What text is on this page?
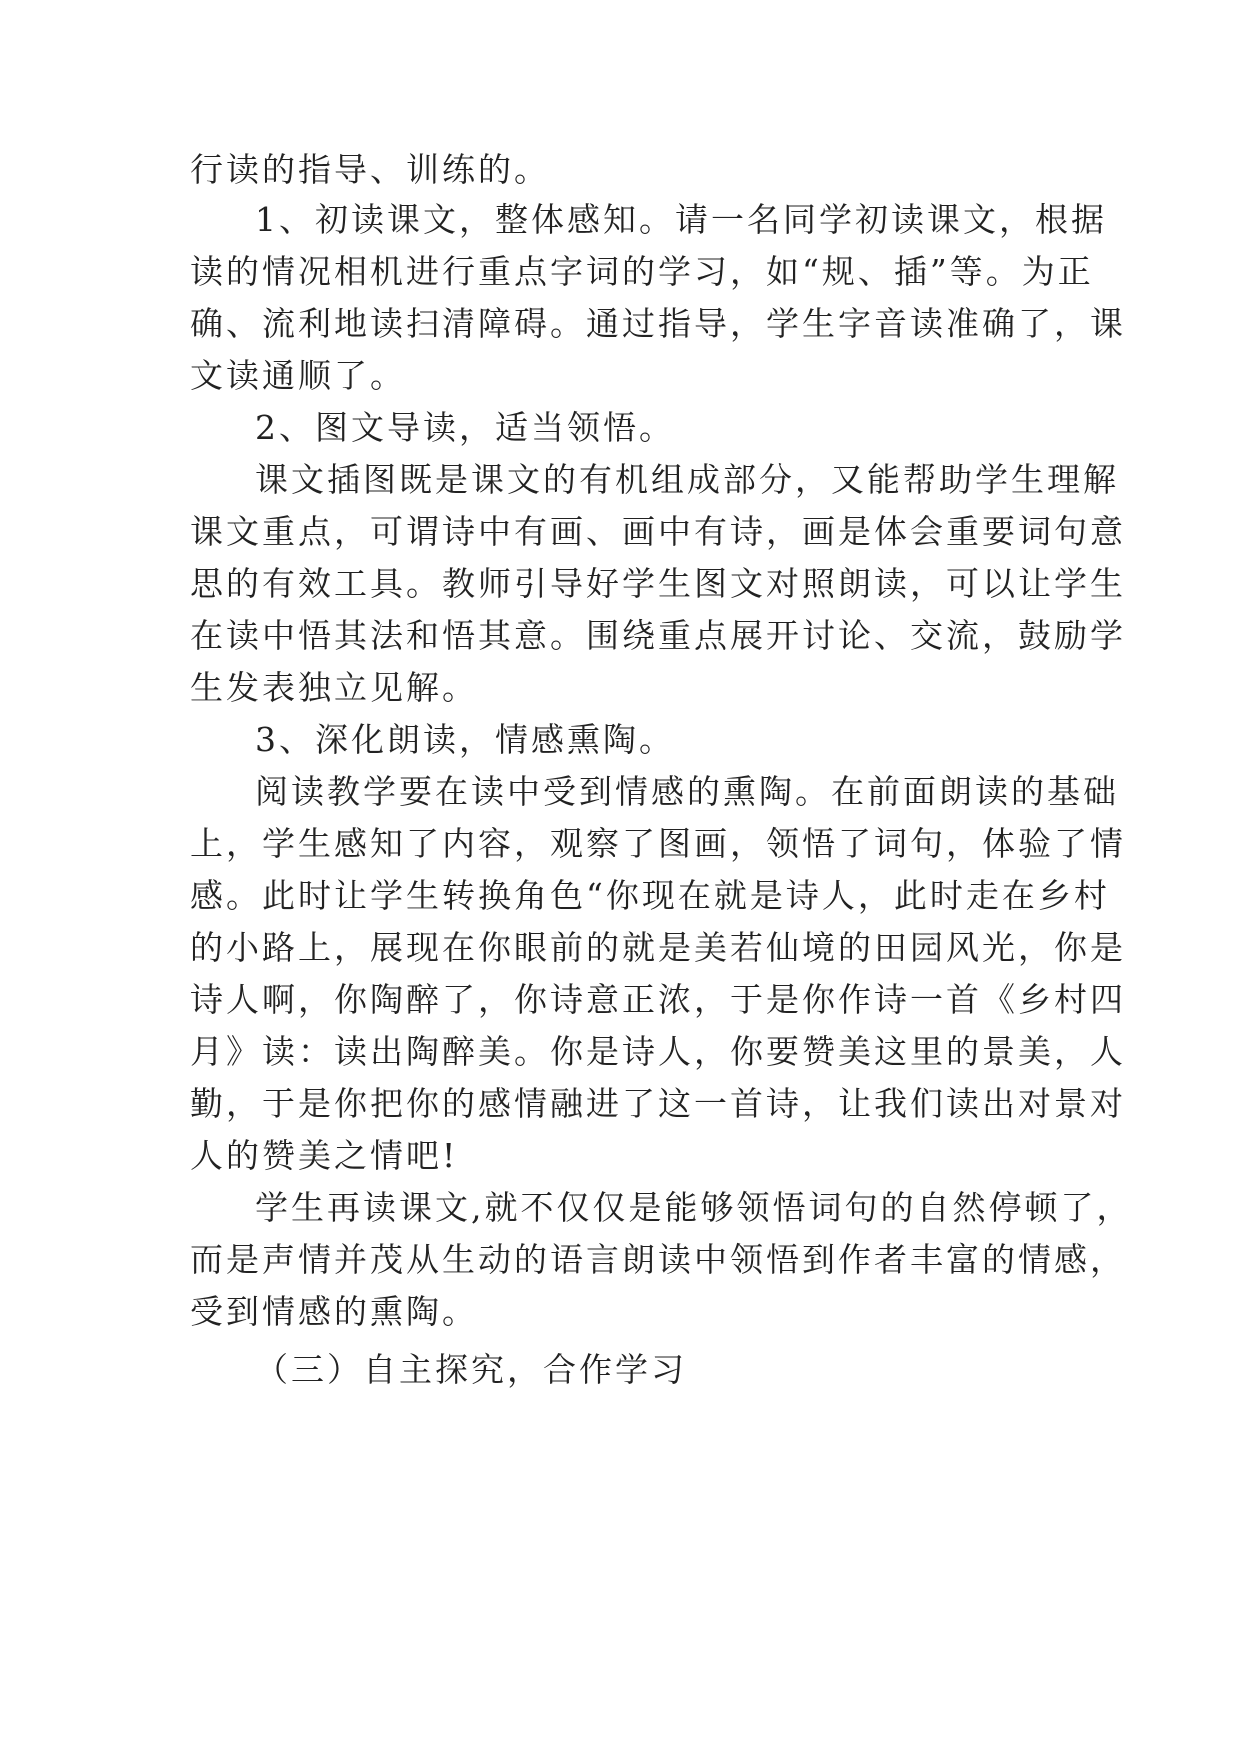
行读的指导、训练的。
1、初读课文，整体感知。请一名同学初读课文，根据
读的情况相机进行重点字词的学习，如“规、插”等。为正
确、流利地读扫清障碍。通过指导，学生字音读准确了，课
文读通顺了。
2、图文导读，适当领悟。
课文插图既是课文的有机组成部分，又能帮助学生理解
课文重点，可谓诗中有画、画中有诗，画是体会重要词句意
思的有效工具。教师引导好学生图文对照朗读，可以让学生
在读中悟其法和悟其意。围绕重点展开讨论、交流，鼓励学
生发表独立见解。
3、深化朗读，情感熏陶。
阅读教学要在读中受到情感的熏陶。在前面朗读的基础
上，学生感知了内容，观察了图画，领悟了词句，体验了情
感。此时让学生转换角色“你现在就是诗人，此时走在乡村
的小路上，展现在你眼前的就是美若仙境的田园风光，你是
诗人啊，你陶醉了，你诗意正浓，于是你作诗一首《乡村四
月》读：读出陶醉美。你是诗人，你要赞美这里的景美，人
勤，于是你把你的感情融进了这一首诗，让我们读出对景对
人的赞美之情吧!
学生再读课文,就不仅仅是能够领悟词句的自然停顿了，
而是声情并茂从生动的语言朗读中领悟到作者丰富的情感，
受到情感的熏陶。
（三）自主探究，合作学习
